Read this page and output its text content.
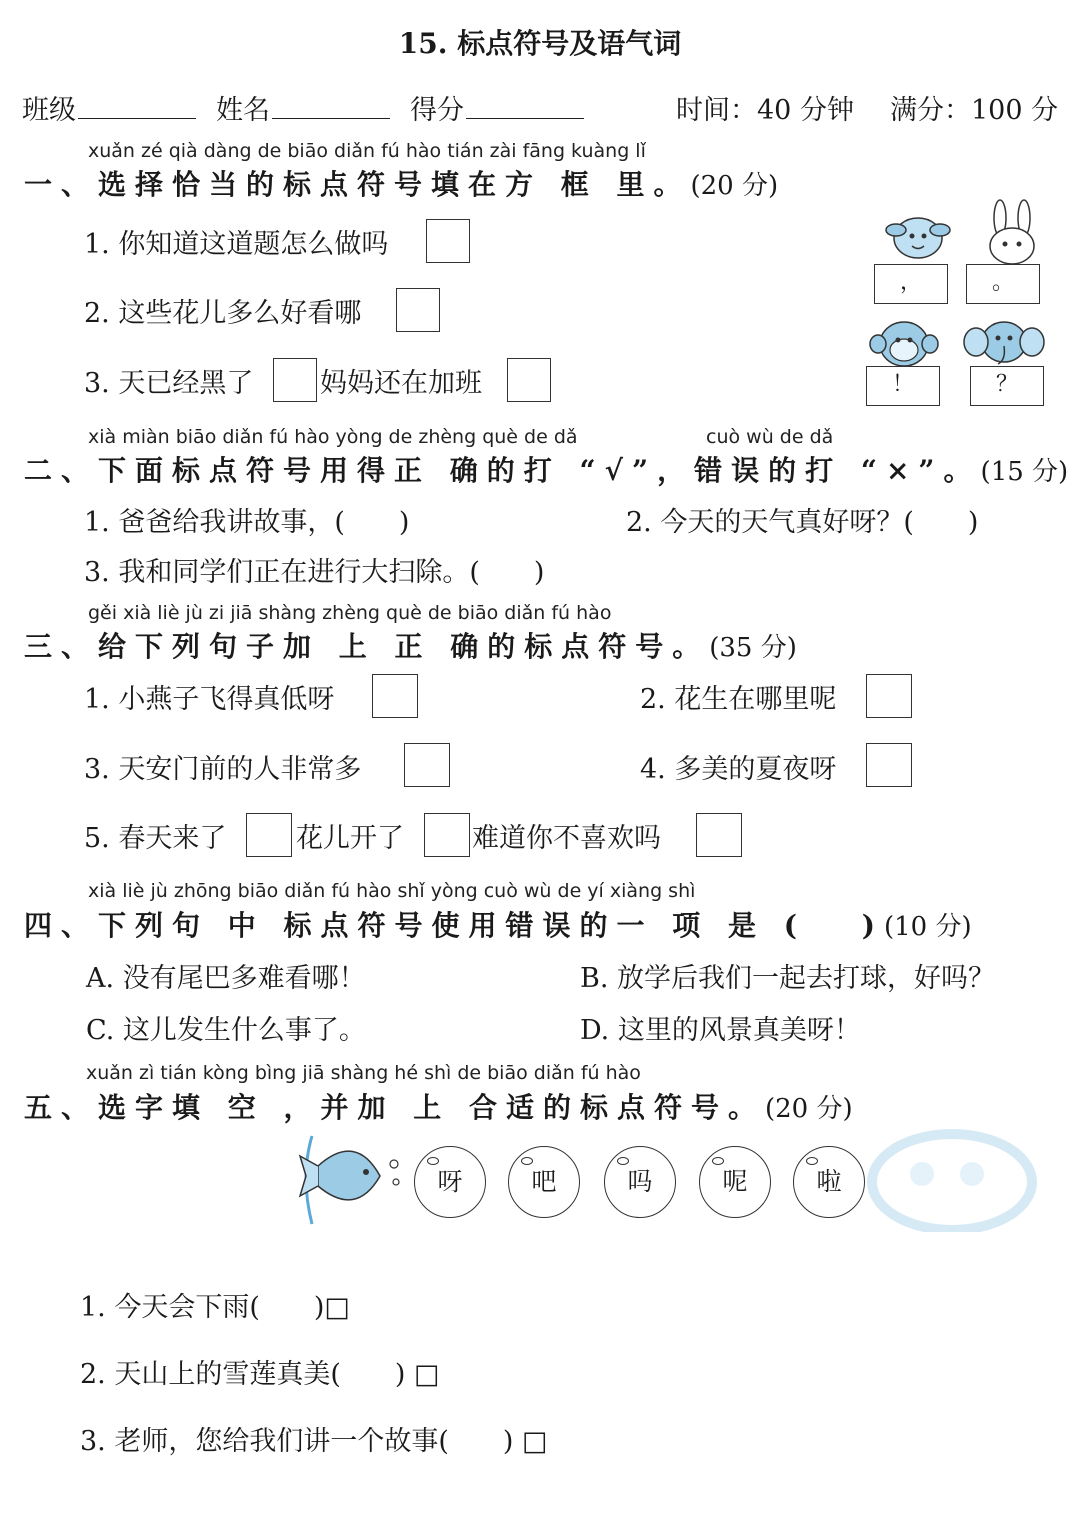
15. 标点符号及语气词
班级	姓名	得分	时间：40 分钟 满分：100 分
xuǎn zé qià dàng de biāo diǎn fú hào tián zài fāng kuàng lǐ
一、选择恰当的标点符号填在方 框 里。(20 分)
1. 你知道这道题怎么做吗
2. 这些花儿多么好看哪
3. 天已经黑了 妈妈还在加班
，	。
！	？
xià miàn biāo diǎn fú hào yòng de zhèng què de dǎ	cuò wù de dǎ
二、下面标点符号用得正 确的打 “√”，错误的打 “×”。(15 分)
1. 爸爸给我讲故事，(　　)	2. 今天的天气真好呀？(　　)
3. 我和同学们正在进行大扫除。(　　)
gěi xià liè jù zi jiā shàng zhèng què de biāo diǎn fú hào
三、给下列句子加 上 正 确的标点符号。(35 分)
1. 小燕子飞得真低呀	2. 花生在哪里呢
3. 天安门前的人非常多	4. 多美的夏夜呀
5. 春天来了	花儿开了	难道你不喜欢吗
xià liè jù zhōng biāo diǎn fú hào shǐ yòng cuò wù de yí xiàng shì
四、下列句 中 标点符号使用错误的一 项 是 (　 )(10 分)
A. 没有尾巴多难看哪！	B. 放学后我们一起去打球，好吗？
C. 这儿发生什么事了。	D. 这里的风景真美呀！
xuǎn zì tián kòng bìng jiā shàng hé shì de biāo diǎn fú hào
五、选字填 空 ，并加 上 合适的标点符号。(20 分)
呀	吧	吗	呢	啦
1. 今天会下雨(　　)□
2. 天山上的雪莲真美(　　) □
3. 老师，您给我们讲一个故事(　　) □
